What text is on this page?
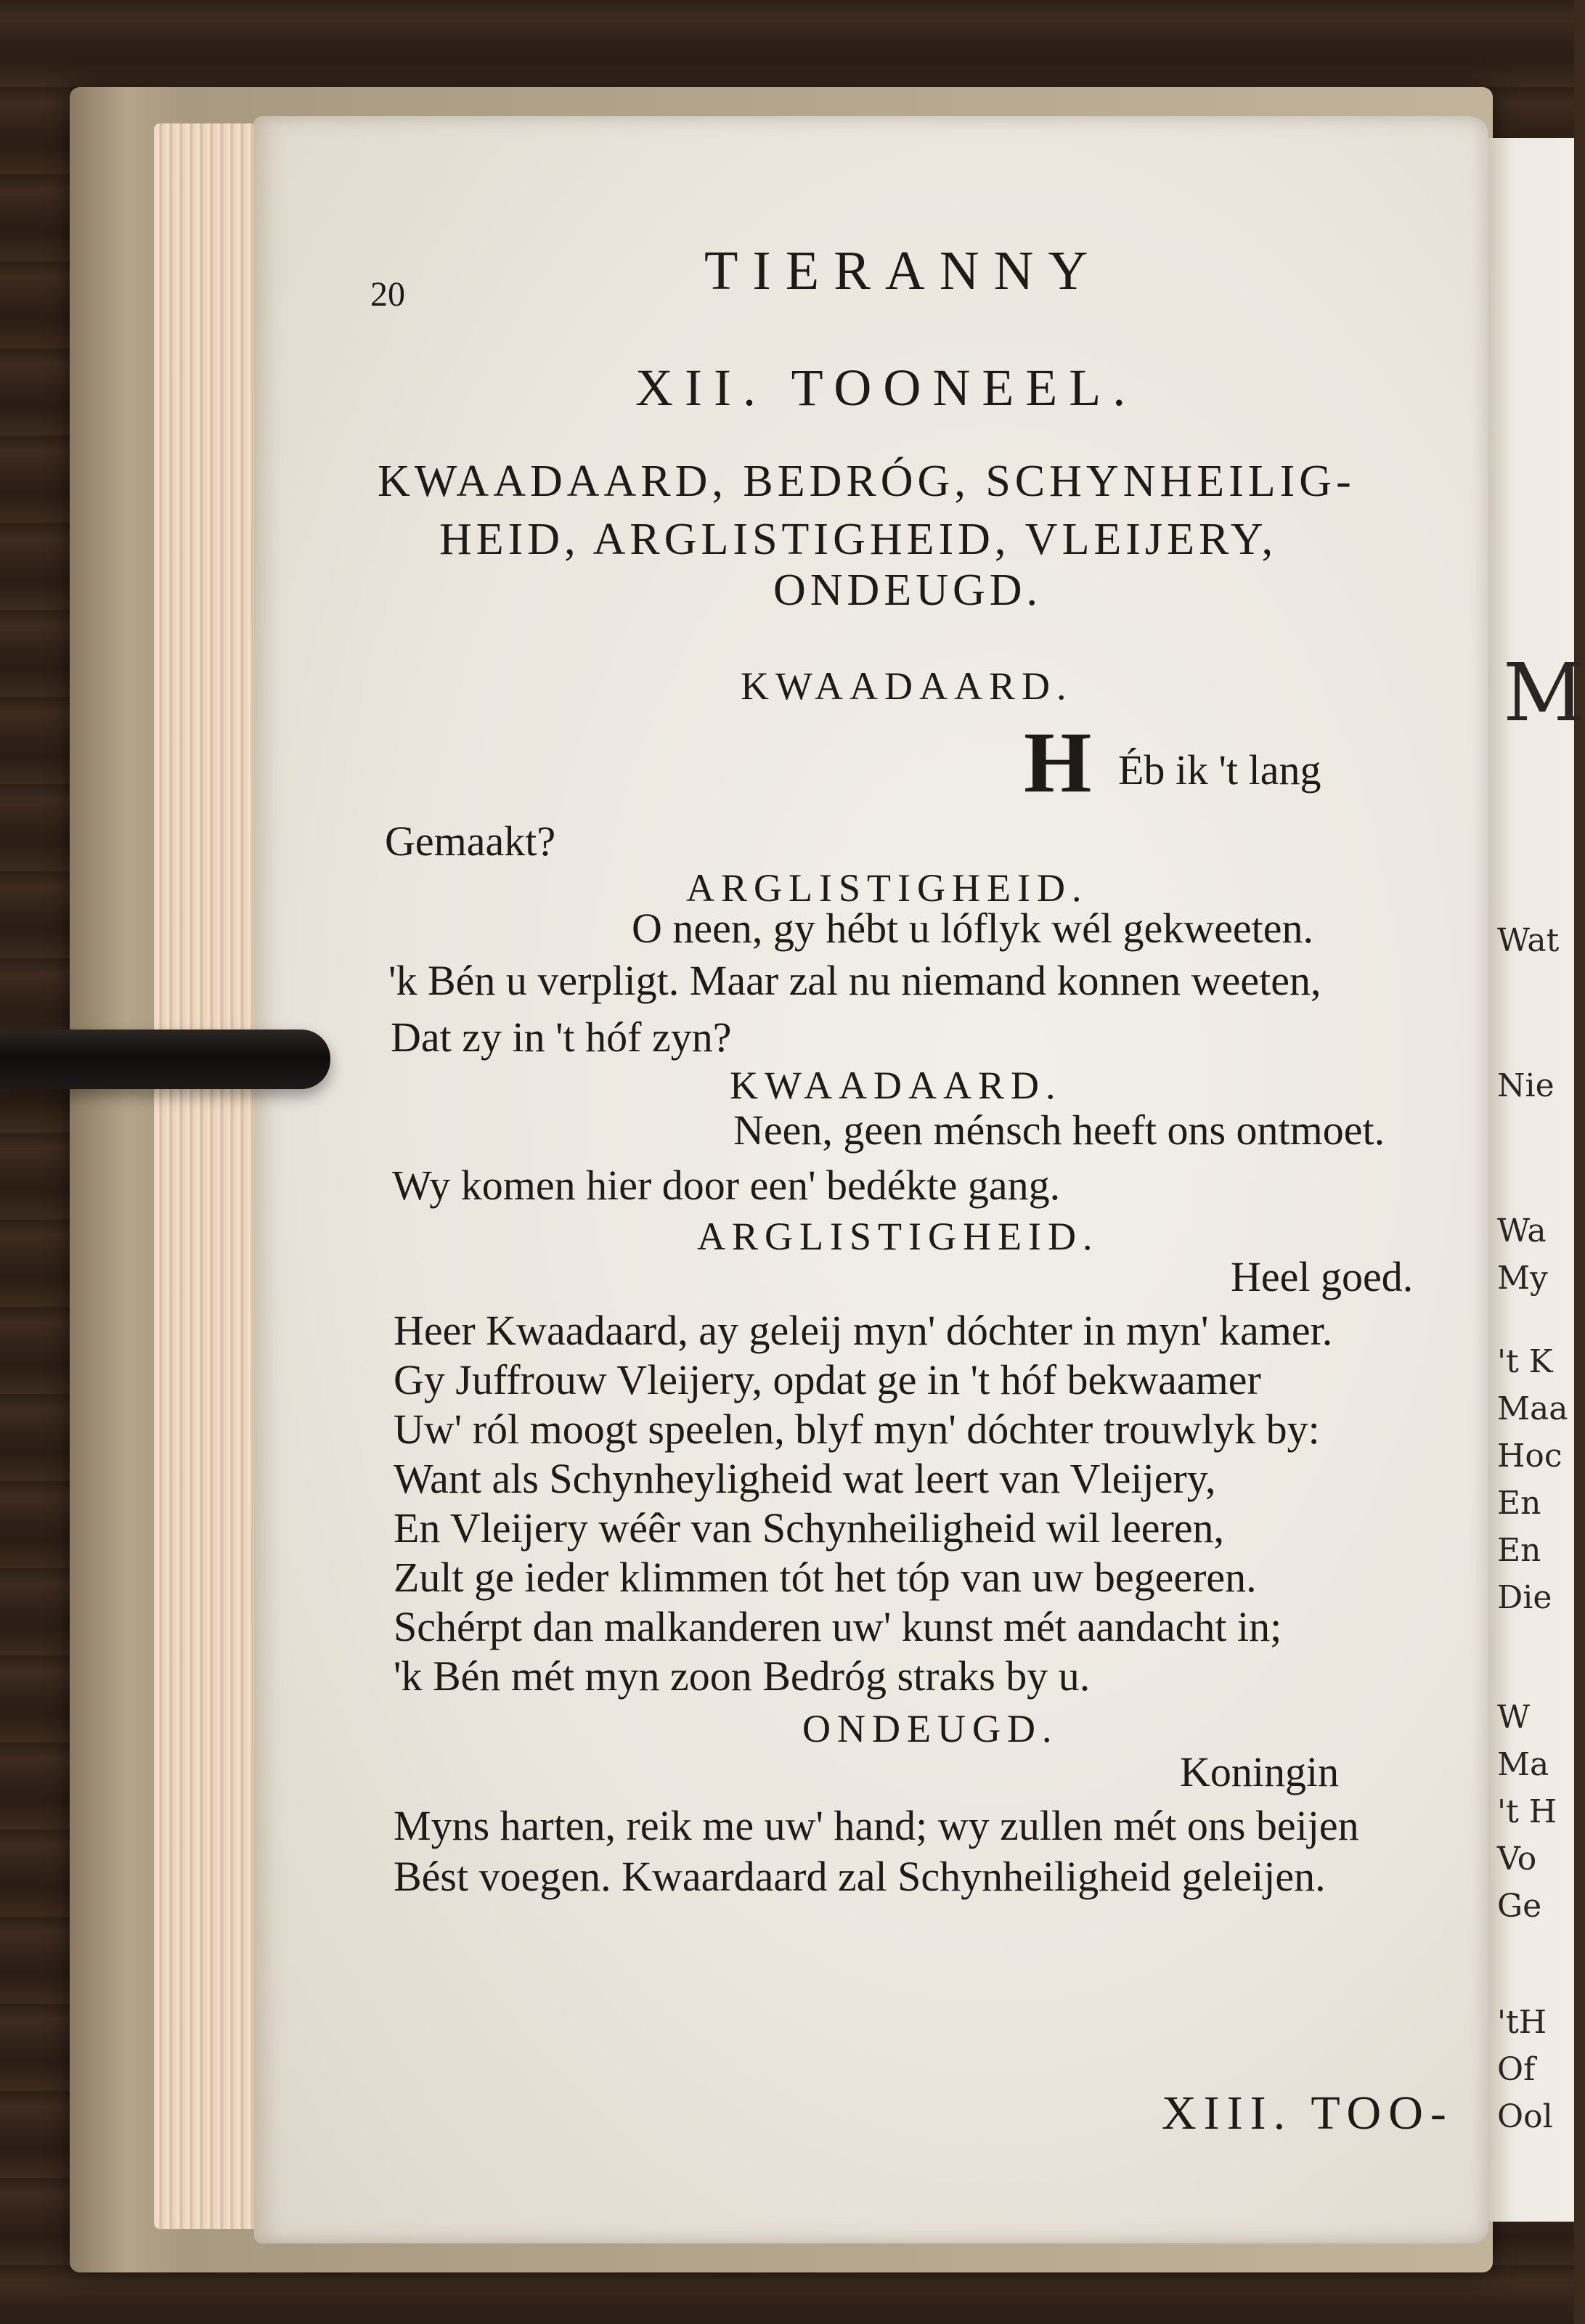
M
Wat
Nie
Wa
My
't K
Maa
Hoc
En
En
Die
W
Ma
't H
Vo
Ge
'tH
Of
Ool
20	TIERANNY
XII. TOONEEL.
KWAADAARD, BEDRÓG, SCHYNHEILIG-
HEID, ARGLISTIGHEID, VLEIJERY,
ONDEUGD.
KWAADAARD.
H Éb ik 't lang
Gemaakt?
ARGLISTIGHEID.
O neen, gy hébt u lóflyk wél gekweeten.
'k Bén u verpligt. Maar zal nu niemand konnen weeten,
Dat zy in 't hóf zyn?
KWAADAARD.
Neen, geen ménsch heeft ons ontmoet.
Wy komen hier door een' bedékte gang.
ARGLISTIGHEID.
Heel goed.
Heer Kwaadaard, ay geleij myn' dóchter in myn' kamer.
Gy Juffrouw Vleijery, opdat ge in 't hóf bekwaamer
Uw' ról moogt speelen, blyf myn' dóchter trouwlyk by:
Want als Schynheyligheid wat leert van Vleijery,
En Vleijery wéêr van Schynheiligheid wil leeren,
Zult ge ieder klimmen tót het tóp van uw begeeren.
Schérpt dan malkanderen uw' kunst mét aandacht in;
'k Bén mét myn zoon Bedróg straks by u.
ONDEUGD.
Koningin
Myns harten, reik me uw' hand; wy zullen mét ons beijen
Bést voegen. Kwaardaard zal Schynheiligheid geleijen.
XIII. TOO-
